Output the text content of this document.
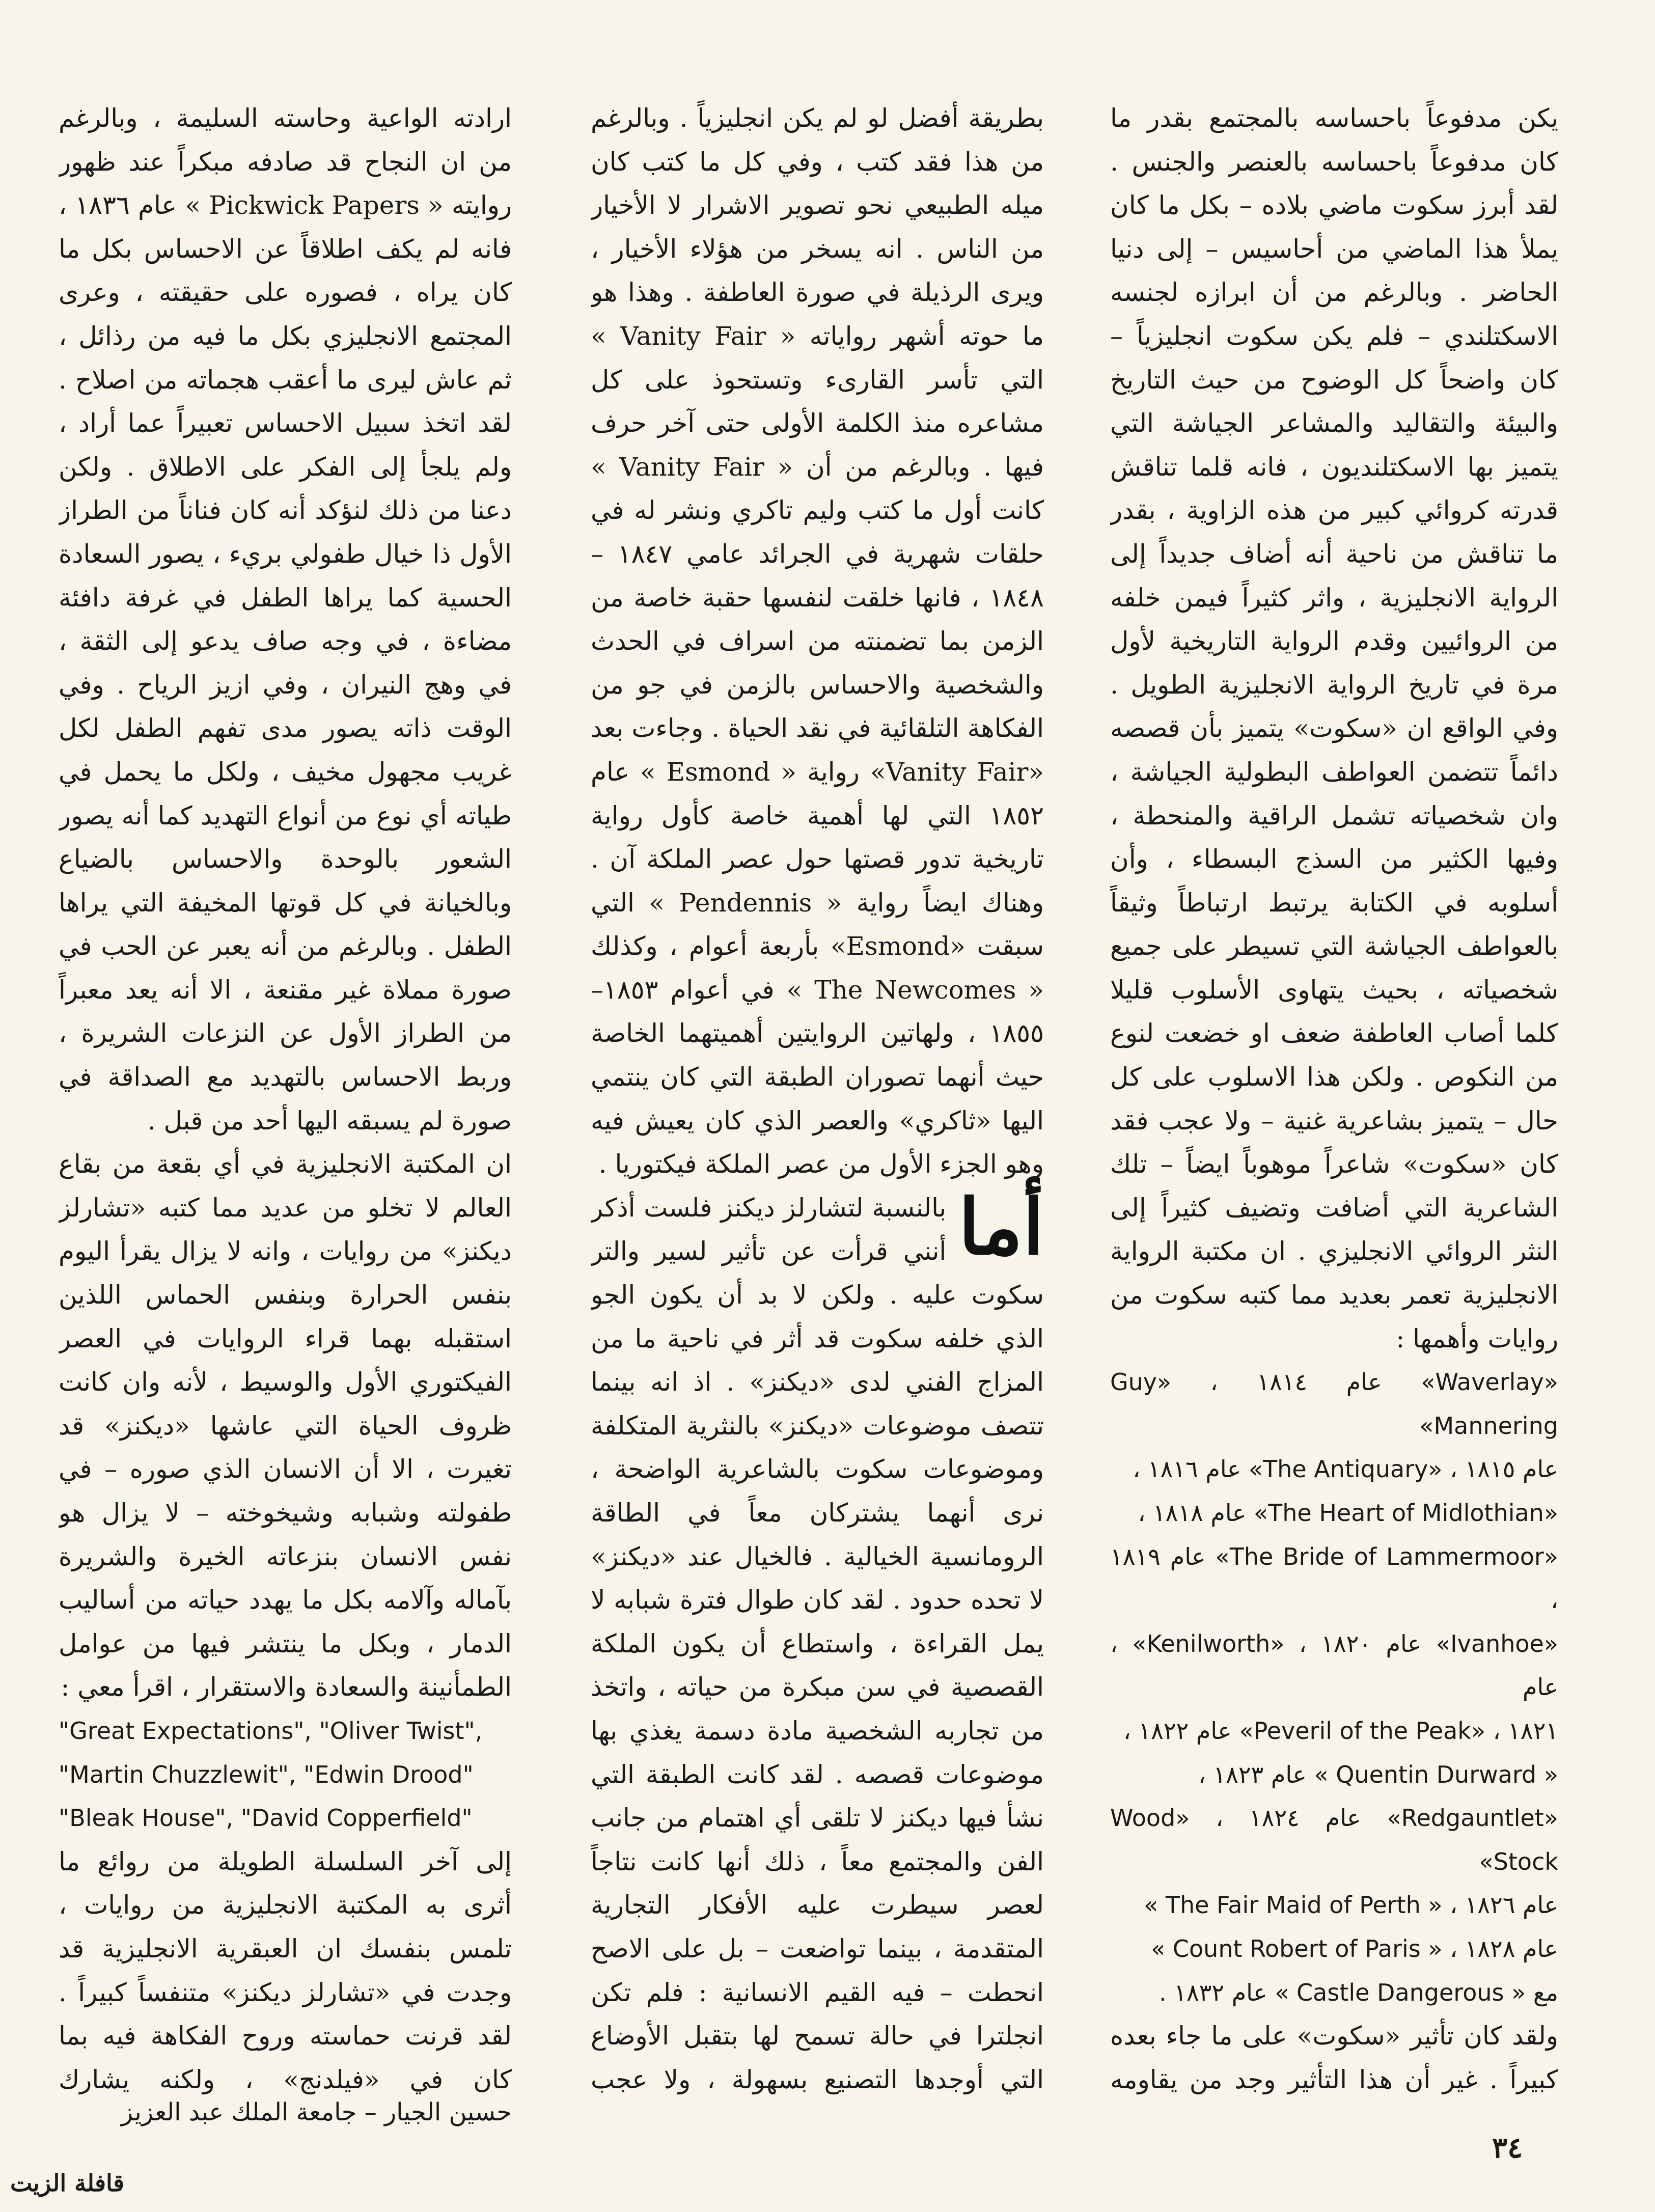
يكن مدفوعاً باحساسه بالمجتمع بقدر ما كان مدفوعاً باحساسه بالعنصر والجنس . لقد أبرز سكوت ماضي بلاده – بكل ما كان يملأ هذا الماضي من أحاسيس – إلى دنيا الحاضر . وبالرغم من أن ابرازه لجنسه الاسكتلندي – فلم يكن سكوت انجليزياً – كان واضحاً كل الوضوح من حيث التاريخ والبيئة والتقاليد والمشاعر الجياشة التي يتميز بها الاسكتلنديون ، فانه قلما تناقش قدرته كروائي كبير من هذه الزاوية ، بقدر ما تناقش من ناحية أنه أضاف جديداً إلى الرواية الانجليزية ، واثر كثيراً فيمن خلفه من الروائيين وقدم الرواية التاريخية لأول مرة في تاريخ الرواية الانجليزية الطويل . وفي الواقع ان «سكوت» يتميز بأن قصصه دائماً تتضمن العواطف البطولية الجياشة ، وان شخصياته تشمل الراقية والمنحطة ، وفيها الكثير من السذج البسطاء ، وأن أسلوبه في الكتابة يرتبط ارتباطاً وثيقاً بالعواطف الجياشة التي تسيطر على جميع شخصياته ، بحيث يتهاوى الأسلوب قليلا كلما أصاب العاطفة ضعف او خضعت لنوع من النكوص . ولكن هذا الاسلوب على كل حال – يتميز بشاعرية غنية – ولا عجب فقد كان «سكوت» شاعراً موهوباً ايضاً – تلك الشاعرية التي أضافت وتضيف كثيراً إلى النثر الروائي الانجليزي . ان مكتبة الرواية الانجليزية تعمر بعديد مما كتبه سكوت من روايات وأهمها :

«Waverlay» عام ١٨١٤ ، «Guy Mannering»
عام ١٨١٥ ، «The Antiquary» عام ١٨١٦ ،
«The Heart of Midlothian» عام ١٨١٨ ،
«The Bride of Lammermoor» عام ١٨١٩ ،
«Ivanhoe» عام ١٨٢٠ ، «Kenilworth» ، عام
١٨٢١ ، «Peveril of the Peak» عام ١٨٢٢ ،
« Quentin Durward » عام ١٨٢٣ ،
«Redgauntlet» عام ١٨٢٤ ، «Wood Stock»
عام ١٨٢٦ ، « The Fair Maid of Perth »
عام ١٨٢٨ ، « Count Robert of Paris »
مع « Castle Dangerous » عام ١٨٣٢ .

ولقد كان تأثير «سكوت» على ما جاء بعده كبيراً . غير أن هذا التأثير وجد من يقاومه

بطريقة أفضل لو لم يكن انجليزياً . وبالرغم من هذا فقد كتب ، وفي كل ما كتب كان ميله الطبيعي نحو تصوير الاشرار لا الأخيار من الناس . انه يسخر من هؤلاء الأخيار ، ويرى الرذيلة في صورة العاطفة . وهذا هو ما حوته أشهر رواياته « Vanity Fair » التي تأسر القارىء وتستحوذ على كل مشاعره منذ الكلمة الأولى حتى آخر حرف فيها . وبالرغم من أن « Vanity Fair » كانت أول ما كتب وليم تاكري ونشر له في حلقات شهرية في الجرائد عامي ١٨٤٧ – ١٨٤٨ ، فانها خلقت لنفسها حقبة خاصة من الزمن بما تضمنته من اسراف في الحدث والشخصية والاحساس بالزمن في جو من الفكاهة التلقائية في نقد الحياة . وجاءت بعد «Vanity Fair» رواية « Esmond » عام ١٨٥٢ التي لها أهمية خاصة كأول رواية تاريخية تدور قصتها حول عصر الملكة آن . وهناك ايضاً رواية « Pendennis » التي سبقت «Esmond» بأربعة أعوام ، وكذلك « The Newcomes » في أعوام ١٨٥٣–١٨٥٥ ، ولهاتين الروايتين أهميتهما الخاصة حيث أنهما تصوران الطبقة التي كان ينتمي اليها «ثاكري» والعصر الذي كان يعيش فيه وهو الجزء الأول من عصر الملكة فيكتوريا .

أما
بالنسبة لتشارلز ديكنز فلست أذكر أنني قرأت عن تأثير لسير والتر سكوت عليه . ولكن لا بد أن يكون الجو الذي خلفه سكوت قد أثر في ناحية ما من المزاج الفني لدى «ديكنز» . اذ انه بينما تتصف موضوعات «ديكنز» بالنثرية المتكلفة وموضوعات سكوت بالشاعرية الواضحة ، نرى أنهما يشتركان معاً في الطاقة الرومانسية الخيالية . فالخيال عند «ديكنز» لا تحده حدود . لقد كان طوال فترة شبابه لا يمل القراءة ، واستطاع أن يكون الملكة القصصية في سن مبكرة من حياته ، واتخذ من تجاربه الشخصية مادة دسمة يغذي بها موضوعات قصصه . لقد كانت الطبقة التي نشأ فيها ديكنز لا تلقى أي اهتمام من جانب الفن والمجتمع معاً ، ذلك أنها كانت نتاجاً لعصر سيطرت عليه الأفكار التجارية المتقدمة ، بينما تواضعت – بل على الاصح انحطت – فيه القيم الانسانية : فلم تكن انجلترا في حالة تسمح لها بتقبل الأوضاع التي أوجدها التصنيع بسهولة ، ولا عجب

ارادته الواعية وحاسته السليمة ، وبالرغم من ان النجاح قد صادفه مبكراً عند ظهور روايته « Pickwick Papers » عام ١٨٣٦ ، فانه لم يكف اطلاقاً عن الاحساس بكل ما كان يراه ، فصوره على حقيقته ، وعرى المجتمع الانجليزي بكل ما فيه من رذائل ، ثم عاش ليرى ما أعقب هجماته من اصلاح . لقد اتخذ سبيل الاحساس تعبيراً عما أراد ، ولم يلجأ إلى الفكر على الاطلاق . ولكن دعنا من ذلك لنؤكد أنه كان فناناً من الطراز الأول ذا خيال طفولي بريء ، يصور السعادة الحسية كما يراها الطفل في غرفة دافئة مضاءة ، في وجه صاف يدعو إلى الثقة ، في وهج النيران ، وفي ازيز الرياح . وفي الوقت ذاته يصور مدى تفهم الطفل لكل غريب مجهول مخيف ، ولكل ما يحمل في طياته أي نوع من أنواع التهديد كما أنه يصور الشعور بالوحدة والاحساس بالضياع وبالخيانة في كل قوتها المخيفة التي يراها الطفل . وبالرغم من أنه يعبر عن الحب في صورة مملاة غير مقنعة ، الا أنه يعد معبراً من الطراز الأول عن النزعات الشريرة ، وربط الاحساس بالتهديد مع الصداقة في صورة لم يسبقه اليها أحد من قبل .

ان المكتبة الانجليزية في أي بقعة من بقاع العالم لا تخلو من عديد مما كتبه «تشارلز ديكنز» من روايات ، وانه لا يزال يقرأ اليوم بنفس الحرارة وبنفس الحماس اللذين استقبله بهما قراء الروايات في العصر الفيكتوري الأول والوسيط ، لأنه وان كانت ظروف الحياة التي عاشها «ديكنز» قد تغيرت ، الا أن الانسان الذي صوره – في طفولته وشبابه وشيخوخته – لا يزال هو نفس الانسان بنزعاته الخيرة والشريرة بآماله وآلامه بكل ما يهدد حياته من أساليب الدمار ، وبكل ما ينتشر فيها من عوامل الطمأنينة والسعادة والاستقرار ، اقرأ معي :

"Great Expectations", "Oliver Twist",
"Martin Chuzzlewit", "Edwin Drood"
"Bleak House", "David Copperfield"

إلى آخر السلسلة الطويلة من روائع ما أثرى به المكتبة الانجليزية من روايات ، تلمس بنفسك ان العبقرية الانجليزية قد وجدت في «تشارلز ديكنز» متنفساً كبيراً . لقد قرنت حماسته وروح الفكاهة فيه بما كان في «فيلدنج» ، ولكنه يشارك

حسين الجيار – جامعة الملك عبد العزيز
٣٤
قافلة الزيت
